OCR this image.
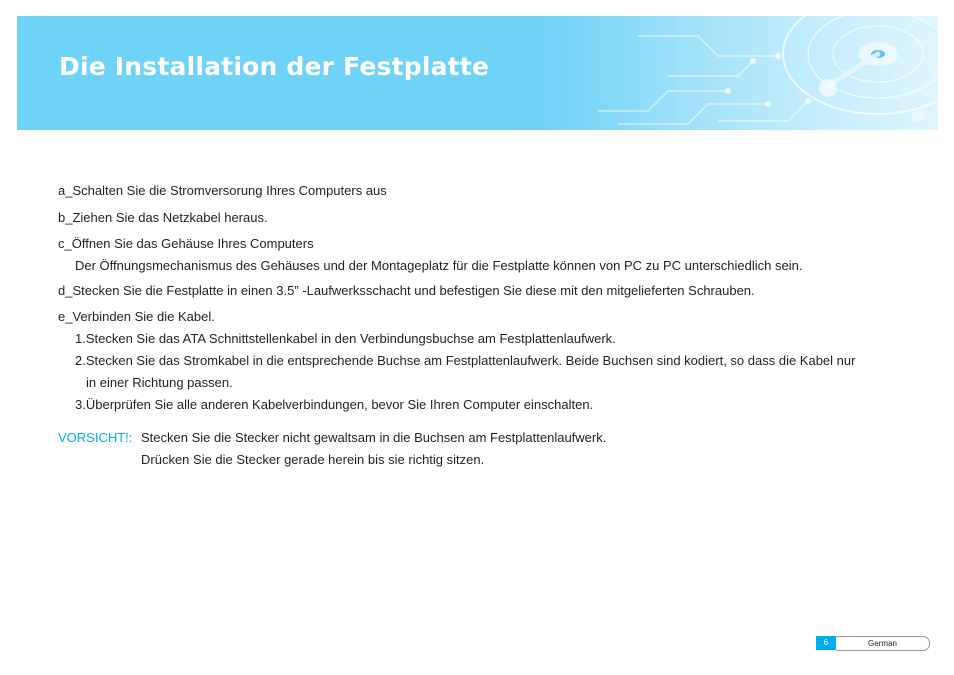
Die Installation der Festplatte
a_Schalten Sie die Stromversorung Ihres Computers aus
b_Ziehen Sie das Netzkabel heraus.
c_Öffnen Sie das Gehäuse Ihres Computers
Der Öffnungsmechanismus des Gehäuses und der Montageplatz für die Festplatte können von PC zu PC unterschiedlich sein.
d_Stecken Sie die Festplatte in einen 3.5” -Laufwerksschacht und befestigen Sie diese mit den mitgelieferten Schrauben.
e_Verbinden Sie die Kabel.
1.Stecken Sie das ATA Schnittstellenkabel in den Verbindungsbuchse am Festplattenlaufwerk.
2.Stecken Sie das Stromkabel in die entsprechende Buchse am Festplattenlaufwerk. Beide Buchsen sind kodiert, so dass die Kabel nur
in einer Richtung passen.
3.Überprüfen Sie alle anderen Kabelverbindungen, bevor Sie Ihren Computer einschalten.
VORSICHT!: Stecken Sie die Stecker nicht gewaltsam in die Buchsen am Festplattenlaufwerk.
Drücken Sie die Stecker gerade herein bis sie richtig sitzen.
6	German
